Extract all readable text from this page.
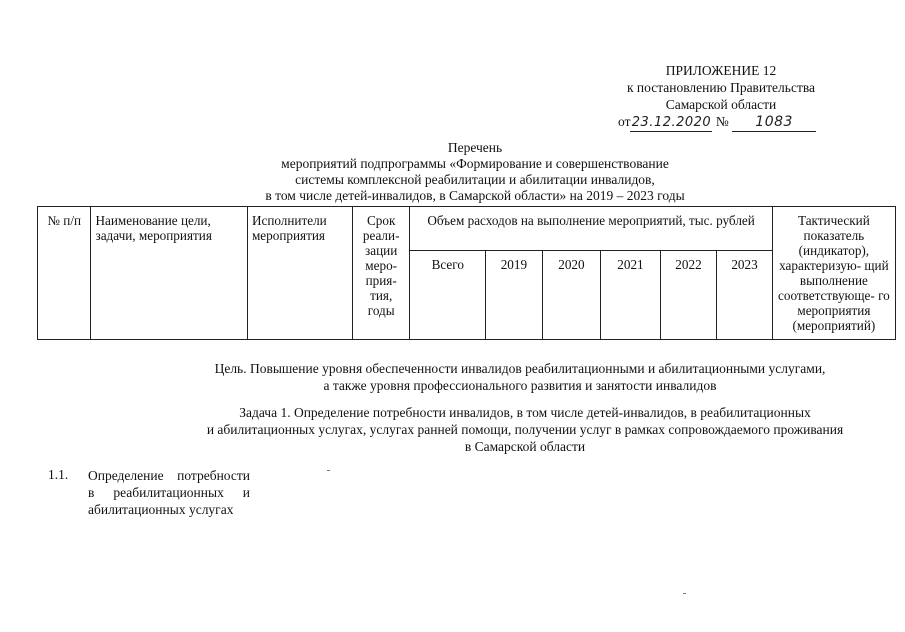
ПРИЛОЖЕНИЕ 12
к постановлению Правительства
Самарской области
от23.12.2020 № 1083
Перечень
мероприятий подпрограммы «Формирование и совершенствование
системы комплексной реабилитации и абилитации инвалидов,
в том числе детей-инвалидов, в Самарской области» на 2019 – 2023 годы
№ п/п	Наименование цели, задачи, мероприятия	Исполнители мероприятия	Срок реали- зации меро- прия- тия, годы	Объем расходов на выполнение мероприятий, тыс. рублей						Тактический показатель (индикатор), характеризую- щий выполнение соответствующе- го мероприятия (мероприятий)
				Всего	2019	2020	2021	2022	2023	
Цель. Повышение уровня обеспеченности инвалидов реабилитационными и абилитационными услугами,
а также уровня профессионального развития и занятости инвалидов
Задача 1. Определение потребности инвалидов, в том числе детей-инвалидов, в реабилитационных
и абилитационных услугах, услугах ранней помощи, получении услуг в рамках сопровождаемого проживания
в Самарской области
1.1. Определение потребности
в реабилитационных и
абилитационных услугах
